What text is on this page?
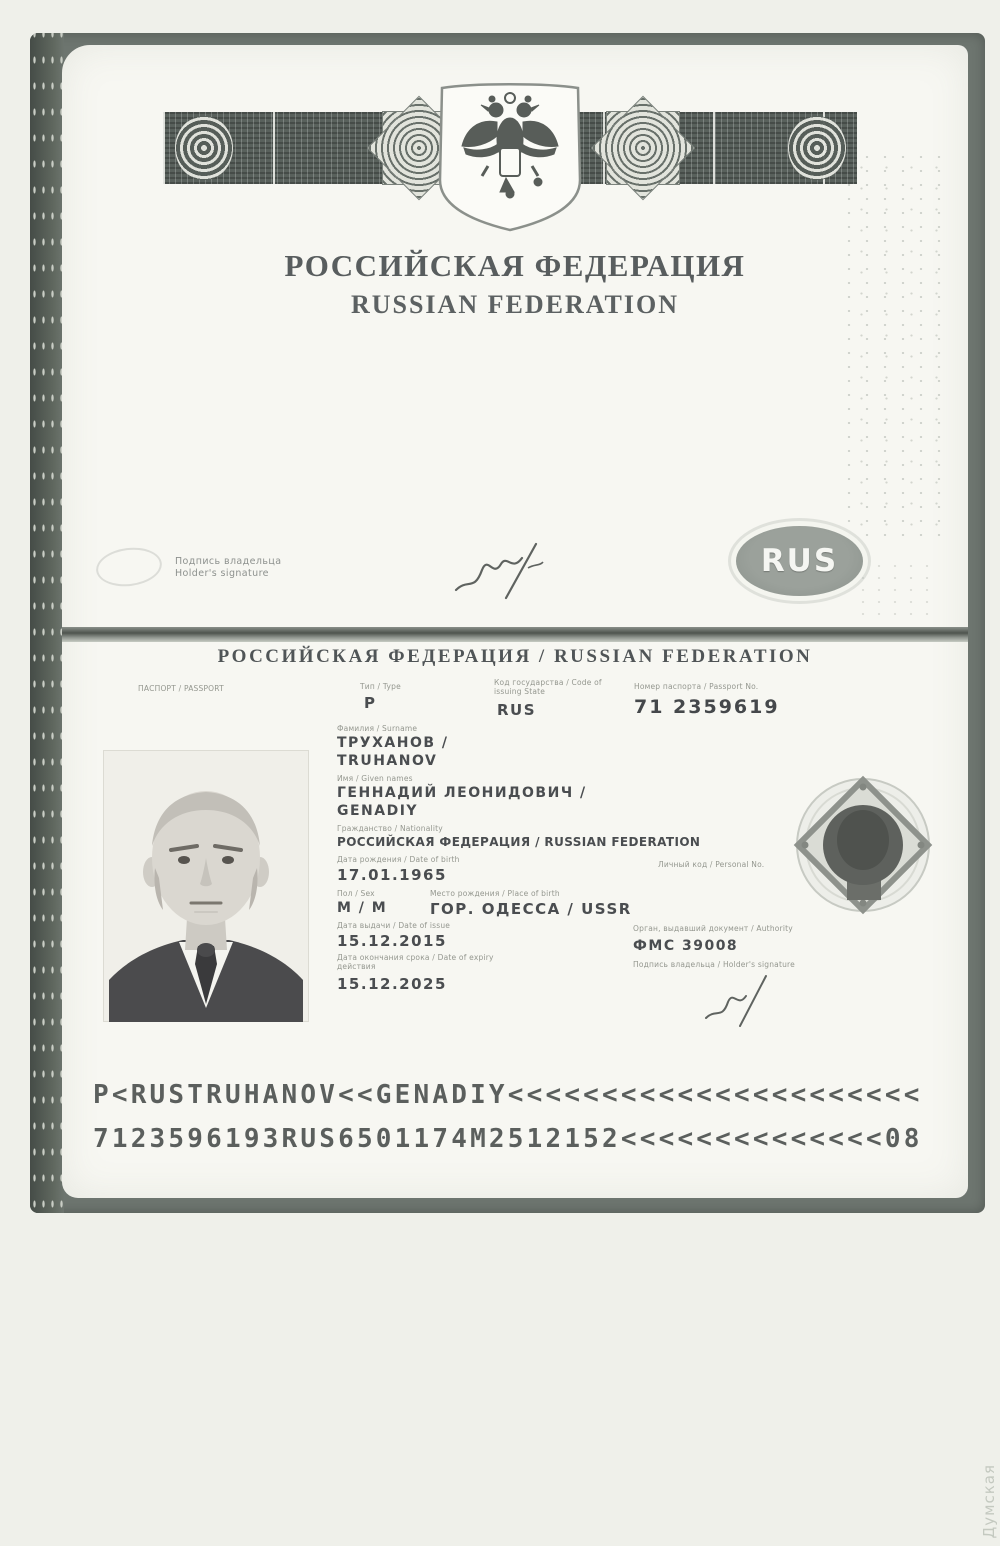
РОССИЙСКАЯ ФЕДЕРАЦИЯ
RUSSIAN FEDERATION
Подпись владельца
Holder's signature	RUS
РОССИЙСКАЯ ФЕДЕРАЦИЯ / RUSSIAN FEDERATION
ПАСПОРТ / PASSPORT	Тип / Type
P
Код государства / Code of
issuing State
RUS
Номер паспорта / Passport No.
71 2359619
Фамилия / Surname
ТРУХАНОВ /
TRUHANOV
Имя / Given names
ГЕННАДИЙ ЛЕОНИДОВИЧ /
GENADIY
Гражданство / Nationality
РОССИЙСКАЯ ФЕДЕРАЦИЯ / RUSSIAN FEDERATION
Дата рождения / Date of birth
17.01.1965
Личный код / Personal No.
Пол / Sex
М / М
Место рождения / Place of birth
ГОР. ОДЕССА / USSR
Дата выдачи / Date of issue
15.12.2015
Дата окончания срока / Date of expiry
действия
15.12.2025
Орган, выдавший документ / Authority
ФМС 39008
Подпись владельца / Holder's signature
P<RUSTRUHANOV<<GENADIY<<<<<<<<<<<<<<<<<<<<<<
7123596193RUS6501174M2512152<<<<<<<<<<<<<<08
Думская
